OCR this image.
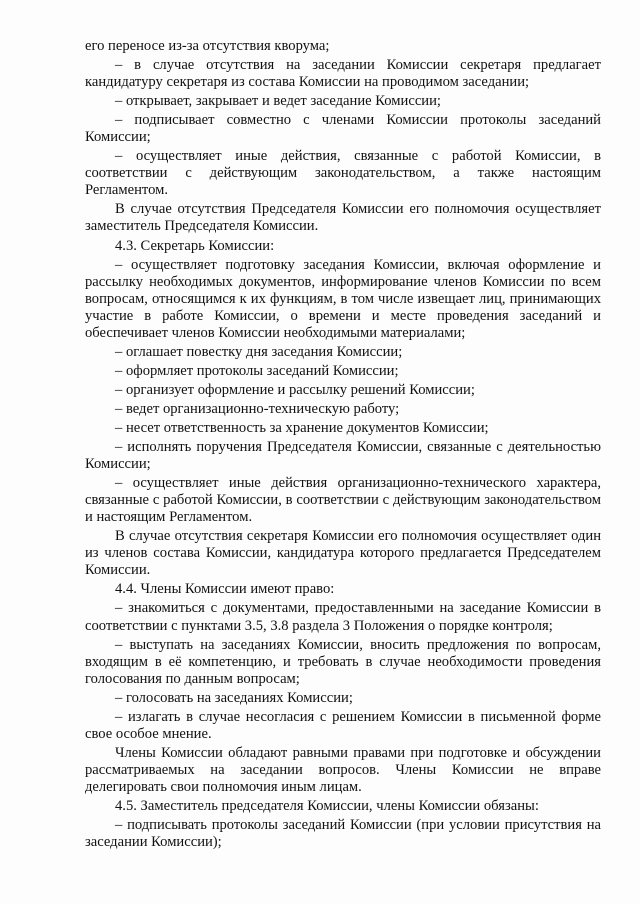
его переносе из-за отсутствия кворума;

– в случае отсутствия на заседании Комиссии секретаря предлагает кандидатуру секретаря из состава Комиссии на проводимом заседании;

– открывает, закрывает и ведет заседание Комиссии;

– подписывает совместно с членами Комиссии протоколы заседаний Комиссии;

– осуществляет иные действия, связанные с работой Комиссии, в соответствии с действующим законодательством, а также настоящим Регламентом.

В случае отсутствия Председателя Комиссии его полномочия осуществляет заместитель Председателя Комиссии.

4.3. Секретарь Комиссии:

– осуществляет подготовку заседания Комиссии, включая оформление и рассылку необходимых документов, информирование членов Комиссии по всем вопросам, относящимся к их функциям, в том числе извещает лиц, принимающих участие в работе Комиссии, о времени и месте проведения заседаний и обеспечивает членов Комиссии необходимыми материалами;

– оглашает повестку дня заседания Комиссии;

– оформляет протоколы заседаний Комиссии;

– организует оформление и рассылку решений Комиссии;

– ведет организационно-техническую работу;

– несет ответственность за хранение документов Комиссии;

– исполнять поручения Председателя Комиссии, связанные с деятельностью Комиссии;

– осуществляет иные действия организационно-технического характера, связанные с работой Комиссии, в соответствии с действующим законодательством и настоящим Регламентом.

В случае отсутствия секретаря Комиссии его полномочия осуществляет один из членов состава Комиссии, кандидатура которого предлагается Председателем Комиссии.

4.4. Члены Комиссии имеют право:

– знакомиться с документами, предоставленными на заседание Комиссии в соответствии с пунктами 3.5, 3.8 раздела 3 Положения о порядке контроля;

– выступать на заседаниях Комиссии, вносить предложения по вопросам, входящим в её компетенцию, и требовать в случае необходимости проведения голосования по данным вопросам;

– голосовать на заседаниях Комиссии;

– излагать в случае несогласия с решением Комиссии в письменной форме свое особое мнение.

Члены Комиссии обладают равными правами при подготовке и обсуждении рассматриваемых на заседании вопросов. Члены Комиссии не вправе делегировать свои полномочия иным лицам.

4.5. Заместитель председателя Комиссии, члены Комиссии обязаны:

– подписывать протоколы заседаний Комиссии (при условии присутствия на заседании Комиссии);
